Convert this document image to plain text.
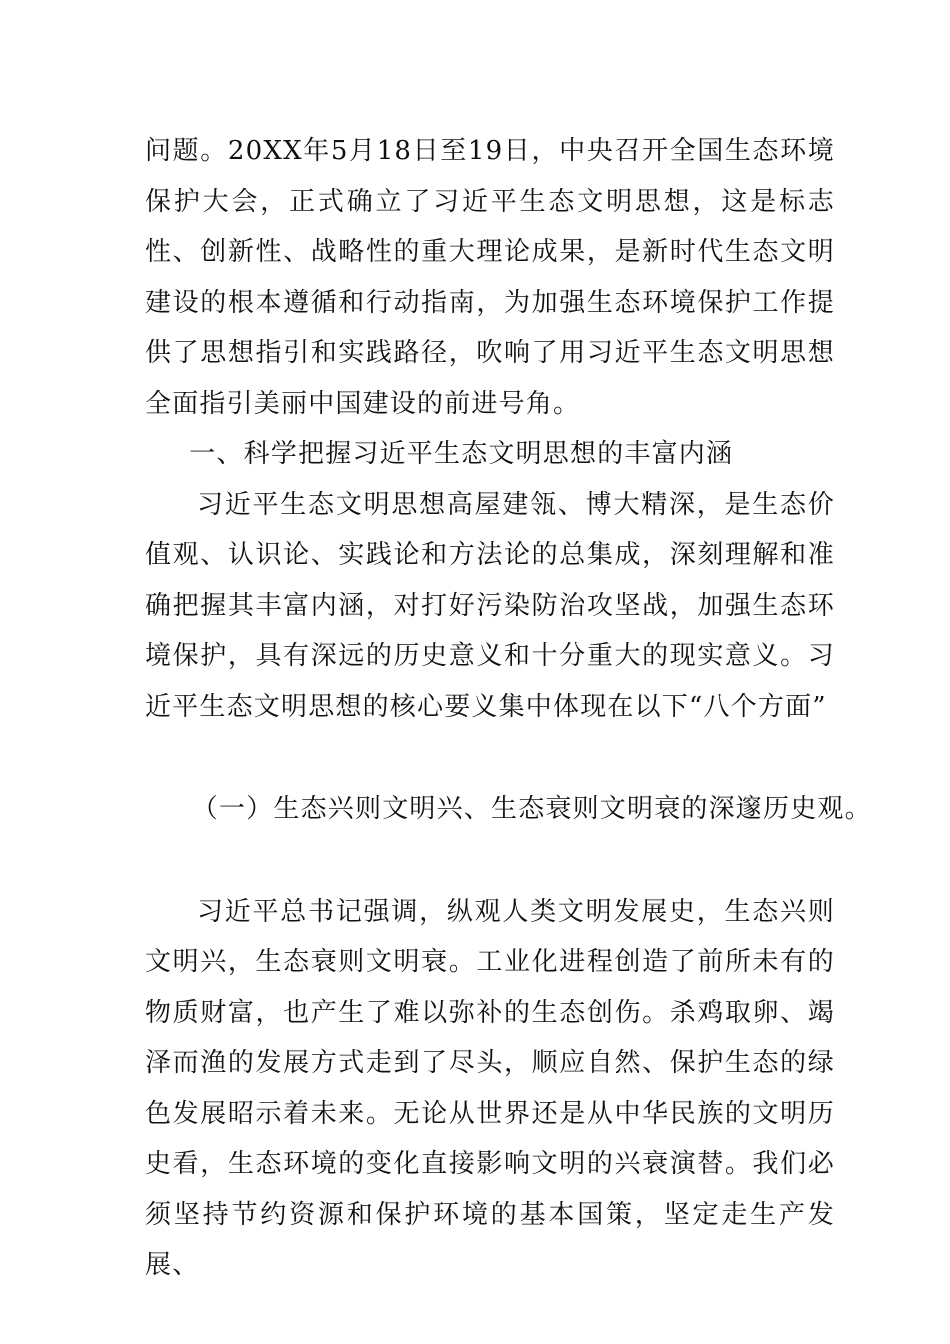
问题。20XX年5月18日至19日，中央召开全国生态环境保护大会，正式确立了习近平生态文明思想，这是标志性、创新性、战略性的重大理论成果，是新时代生态文明建设的根本遵循和行动指南，为加强生态环境保护工作提供了思想指引和实践路径，吹响了用习近平生态文明思想全面指引美丽中国建设的前进号角。

一、科学把握习近平生态文明思想的丰富内涵

习近平生态文明思想高屋建瓴、博大精深，是生态价值观、认识论、实践论和方法论的总集成，深刻理解和准确把握其丰富内涵，对打好污染防治攻坚战，加强生态环境保护，具有深远的历史意义和十分重大的现实意义。习近平生态文明思想的核心要义集中体现在以下“八个方面”

（一）生态兴则文明兴、生态衰则文明衰的深邃历史观。

习近平总书记强调，纵观人类文明发展史，生态兴则文明兴，生态衰则文明衰。工业化进程创造了前所未有的物质财富，也产生了难以弥补的生态创伤。杀鸡取卵、竭泽而渔的发展方式走到了尽头，顺应自然、保护生态的绿色发展昭示着未来。无论从世界还是从中华民族的文明历史看，生态环境的变化直接影响文明的兴衰演替。我们必须坚持节约资源和保护环境的基本国策，坚定走生产发展、
